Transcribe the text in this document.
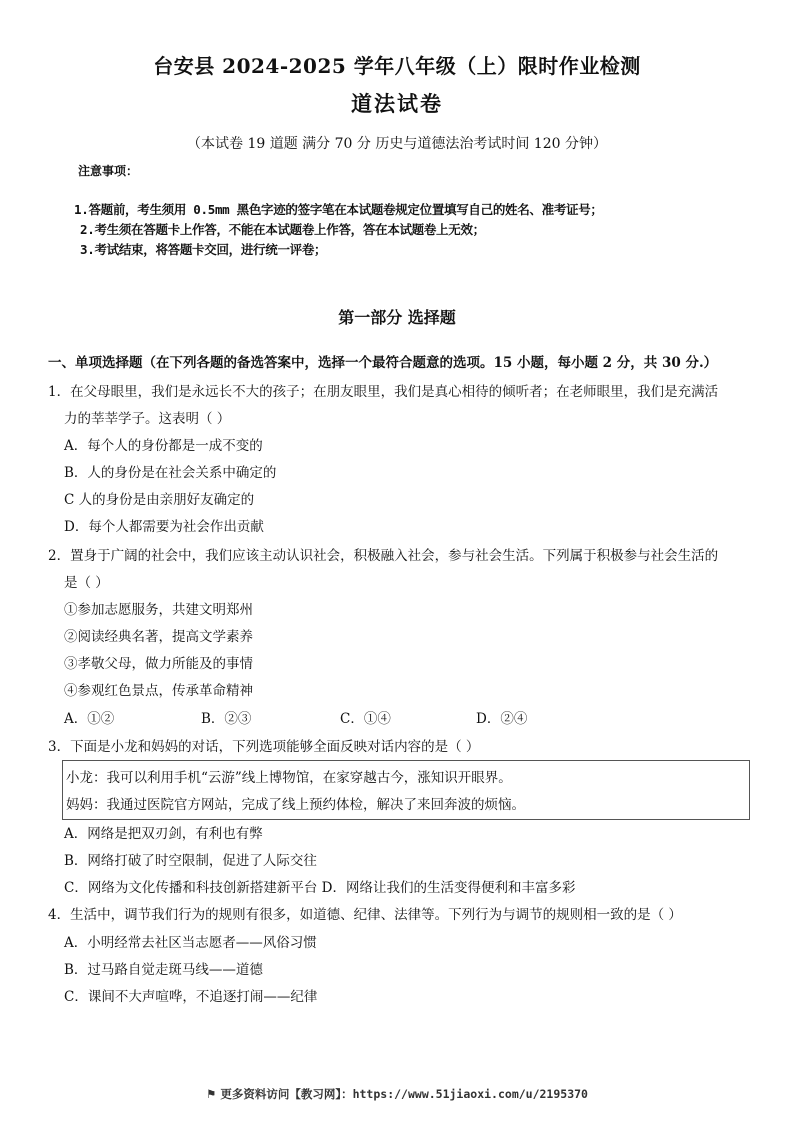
台安县 2024-2025 学年八年级（上）限时作业检测
道法试卷
（本试卷 19 道题 满分 70 分 历史与道德法治考试时间 120 分钟）
注意事项：
1.答题前，考生须用 0.5mm 黑色字迹的签字笔在本试题卷规定位置填写自己的姓名、准考证号；
2.考生须在答题卡上作答，不能在本试题卷上作答，答在本试题卷上无效；
3.考试结束，将答题卡交回，进行统一评卷；
第一部分 选择题
一、单项选择题（在下列各题的备选答案中，选择一个最符合题意的选项。15 小题，每小题 2 分，共 30 分.）
1．在父母眼里，我们是永远长不大的孩子；在朋友眼里，我们是真心相待的倾听者；在老师眼里，我们是充满活
力的莘莘学子。这表明（ ）
A．每个人的身份都是一成不变的
B．人的身份是在社会关系中确定的
C 人的身份是由亲朋好友确定的
D．每个人都需要为社会作出贡献
2．置身于广阔的社会中，我们应该主动认识社会，积极融入社会，参与社会生活。下列属于积极参与社会生活的
是（ ）
①参加志愿服务，共建文明郑州
②阅读经典名著，提高文学素养
③孝敬父母，做力所能及的事情
④参观红色景点，传承革命精神
A．①②	B．②③	C．①④	D．②④
3．下面是小龙和妈妈的对话，下列选项能够全面反映对话内容的是（ ）
小龙：我可以利用手机“云游”线上博物馆，在家穿越古今，涨知识开眼界。
妈妈：我通过医院官方网站，完成了线上预约体检，解决了来回奔波的烦恼。
A．网络是把双刃剑，有利也有弊
B．网络打破了时空限制，促进了人际交往
C．网络为文化传播和科技创新搭建新平台 D．网络让我们的生活变得便利和丰富多彩
4．生活中，调节我们行为的规则有很多，如道德、纪律、法律等。下列行为与调节的规则相一致的是（ ）
A．小明经常去社区当志愿者——风俗习惯
B．过马路自觉走斑马线——道德
C．课间不大声喧哗，不追逐打闹——纪律
⚑ 更多资料访问【教习网】：https://www.51jiaoxi.com/u/2195370
